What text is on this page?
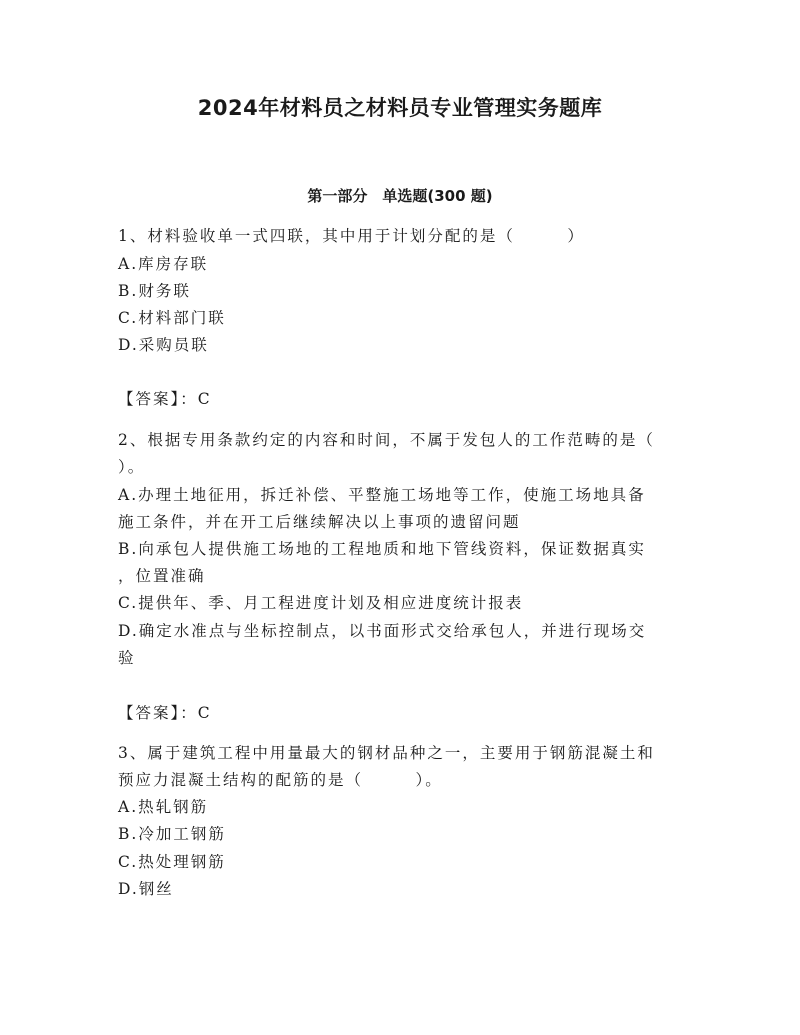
2024年材料员之材料员专业管理实务题库
第一部分　单选题(300 题)
1、材料验收单一式四联，其中用于计划分配的是（　　　）
A.库房存联
B.财务联
C.材料部门联
D.采购员联
【答案】：C
2、根据专用条款约定的内容和时间，不属于发包人的工作范畴的是（
）。
A.办理土地征用，拆迁补偿、平整施工场地等工作，使施工场地具备
施工条件，并在开工后继续解决以上事项的遗留问题
B.向承包人提供施工场地的工程地质和地下管线资料，保证数据真实
，位置准确
C.提供年、季、月工程进度计划及相应进度统计报表
D.确定水准点与坐标控制点，以书面形式交给承包人，并进行现场交
验
【答案】：C
3、属于建筑工程中用量最大的钢材品种之一，主要用于钢筋混凝土和
预应力混凝土结构的配筋的是（　　　）。
A.热轧钢筋
B.冷加工钢筋
C.热处理钢筋
D.钢丝
